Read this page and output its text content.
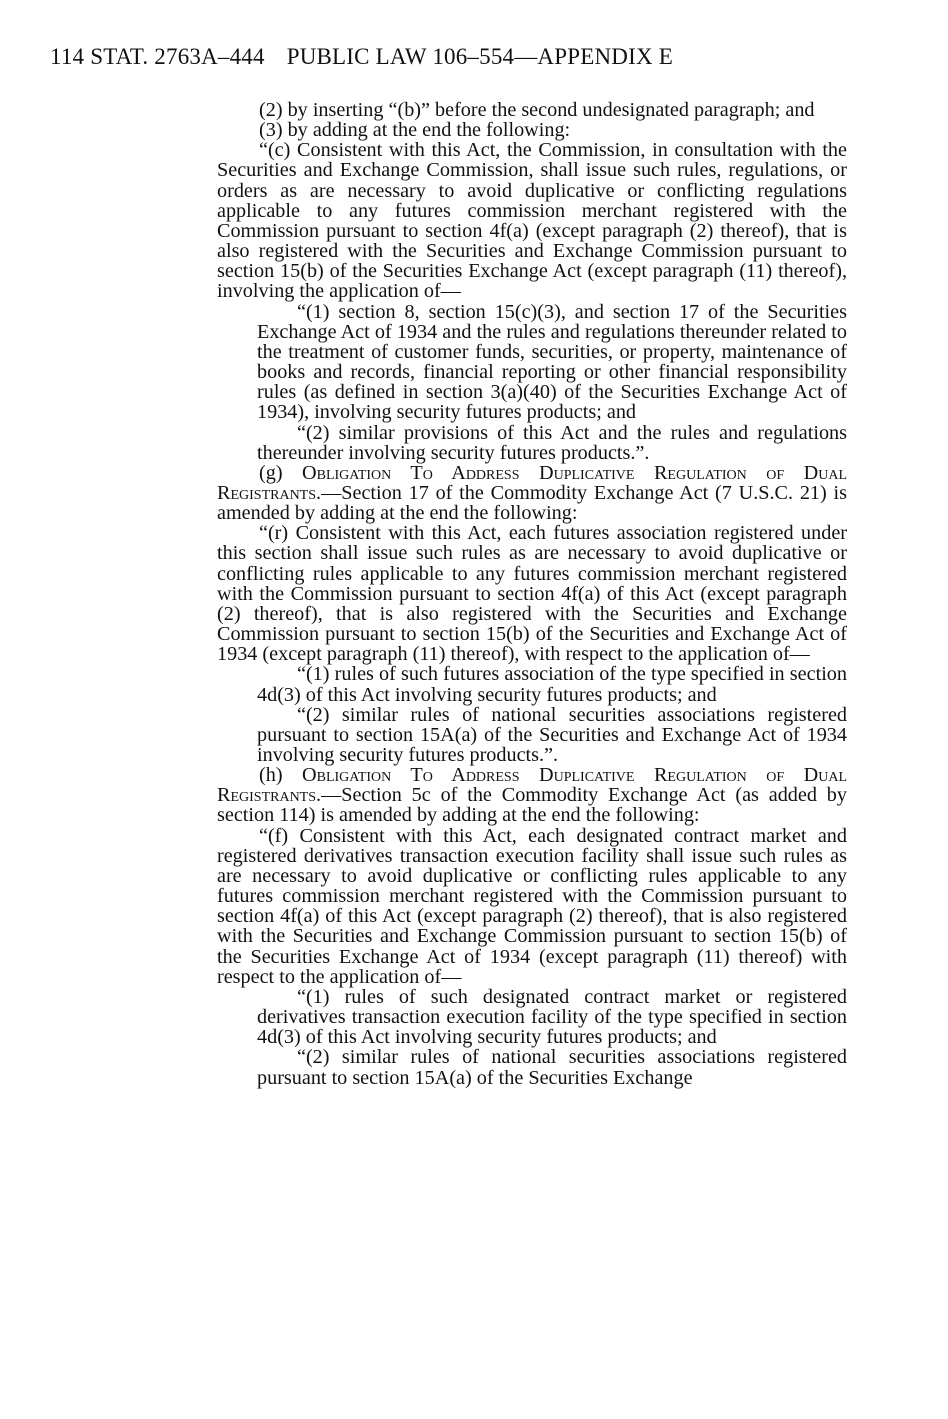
114 STAT. 2763A–444 PUBLIC LAW 106–554—APPENDIX E

(2) by inserting “(b)” before the second undesignated paragraph; and

(3) by adding at the end the following:

“(c) Consistent with this Act, the Commission, in consultation with the Securities and Exchange Commission, shall issue such rules, regulations, or orders as are necessary to avoid duplicative or conflicting regulations applicable to any futures commission merchant registered with the Commission pursuant to section 4f(a) (except paragraph (2) thereof), that is also registered with the Securities and Exchange Commission pursuant to section 15(b) of the Securities Exchange Act (except paragraph (11) thereof), involving the application of—

“(1) section 8, section 15(c)(3), and section 17 of the Securities Exchange Act of 1934 and the rules and regulations thereunder related to the treatment of customer funds, securities, or property, maintenance of books and records, financial reporting or other financial responsibility rules (as defined in section 3(a)(40) of the Securities Exchange Act of 1934), involving security futures products; and

“(2) similar provisions of this Act and the rules and regulations thereunder involving security futures products.”.

(g) Obligation To Address Duplicative Regulation of Dual Registrants.—Section 17 of the Commodity Exchange Act (7 U.S.C. 21) is amended by adding at the end the following:

“(r) Consistent with this Act, each futures association registered under this section shall issue such rules as are necessary to avoid duplicative or conflicting rules applicable to any futures commission merchant registered with the Commission pursuant to section 4f(a) of this Act (except paragraph (2) thereof), that is also registered with the Securities and Exchange Commission pursuant to section 15(b) of the Securities and Exchange Act of 1934 (except paragraph (11) thereof), with respect to the application of—

“(1) rules of such futures association of the type specified in section 4d(3) of this Act involving security futures products; and

“(2) similar rules of national securities associations registered pursuant to section 15A(a) of the Securities and Exchange Act of 1934 involving security futures products.”.

(h) Obligation To Address Duplicative Regulation of Dual Registrants.—Section 5c of the Commodity Exchange Act (as added by section 114) is amended by adding at the end the following:

“(f) Consistent with this Act, each designated contract market and registered derivatives transaction execution facility shall issue such rules as are necessary to avoid duplicative or conflicting rules applicable to any futures commission merchant registered with the Commission pursuant to section 4f(a) of this Act (except paragraph (2) thereof), that is also registered with the Securities and Exchange Commission pursuant to section 15(b) of the Securities Exchange Act of 1934 (except paragraph (11) thereof) with respect to the application of—

“(1) rules of such designated contract market or registered derivatives transaction execution facility of the type specified in section 4d(3) of this Act involving security futures products; and

“(2) similar rules of national securities associations registered pursuant to section 15A(a) of the Securities Exchange
